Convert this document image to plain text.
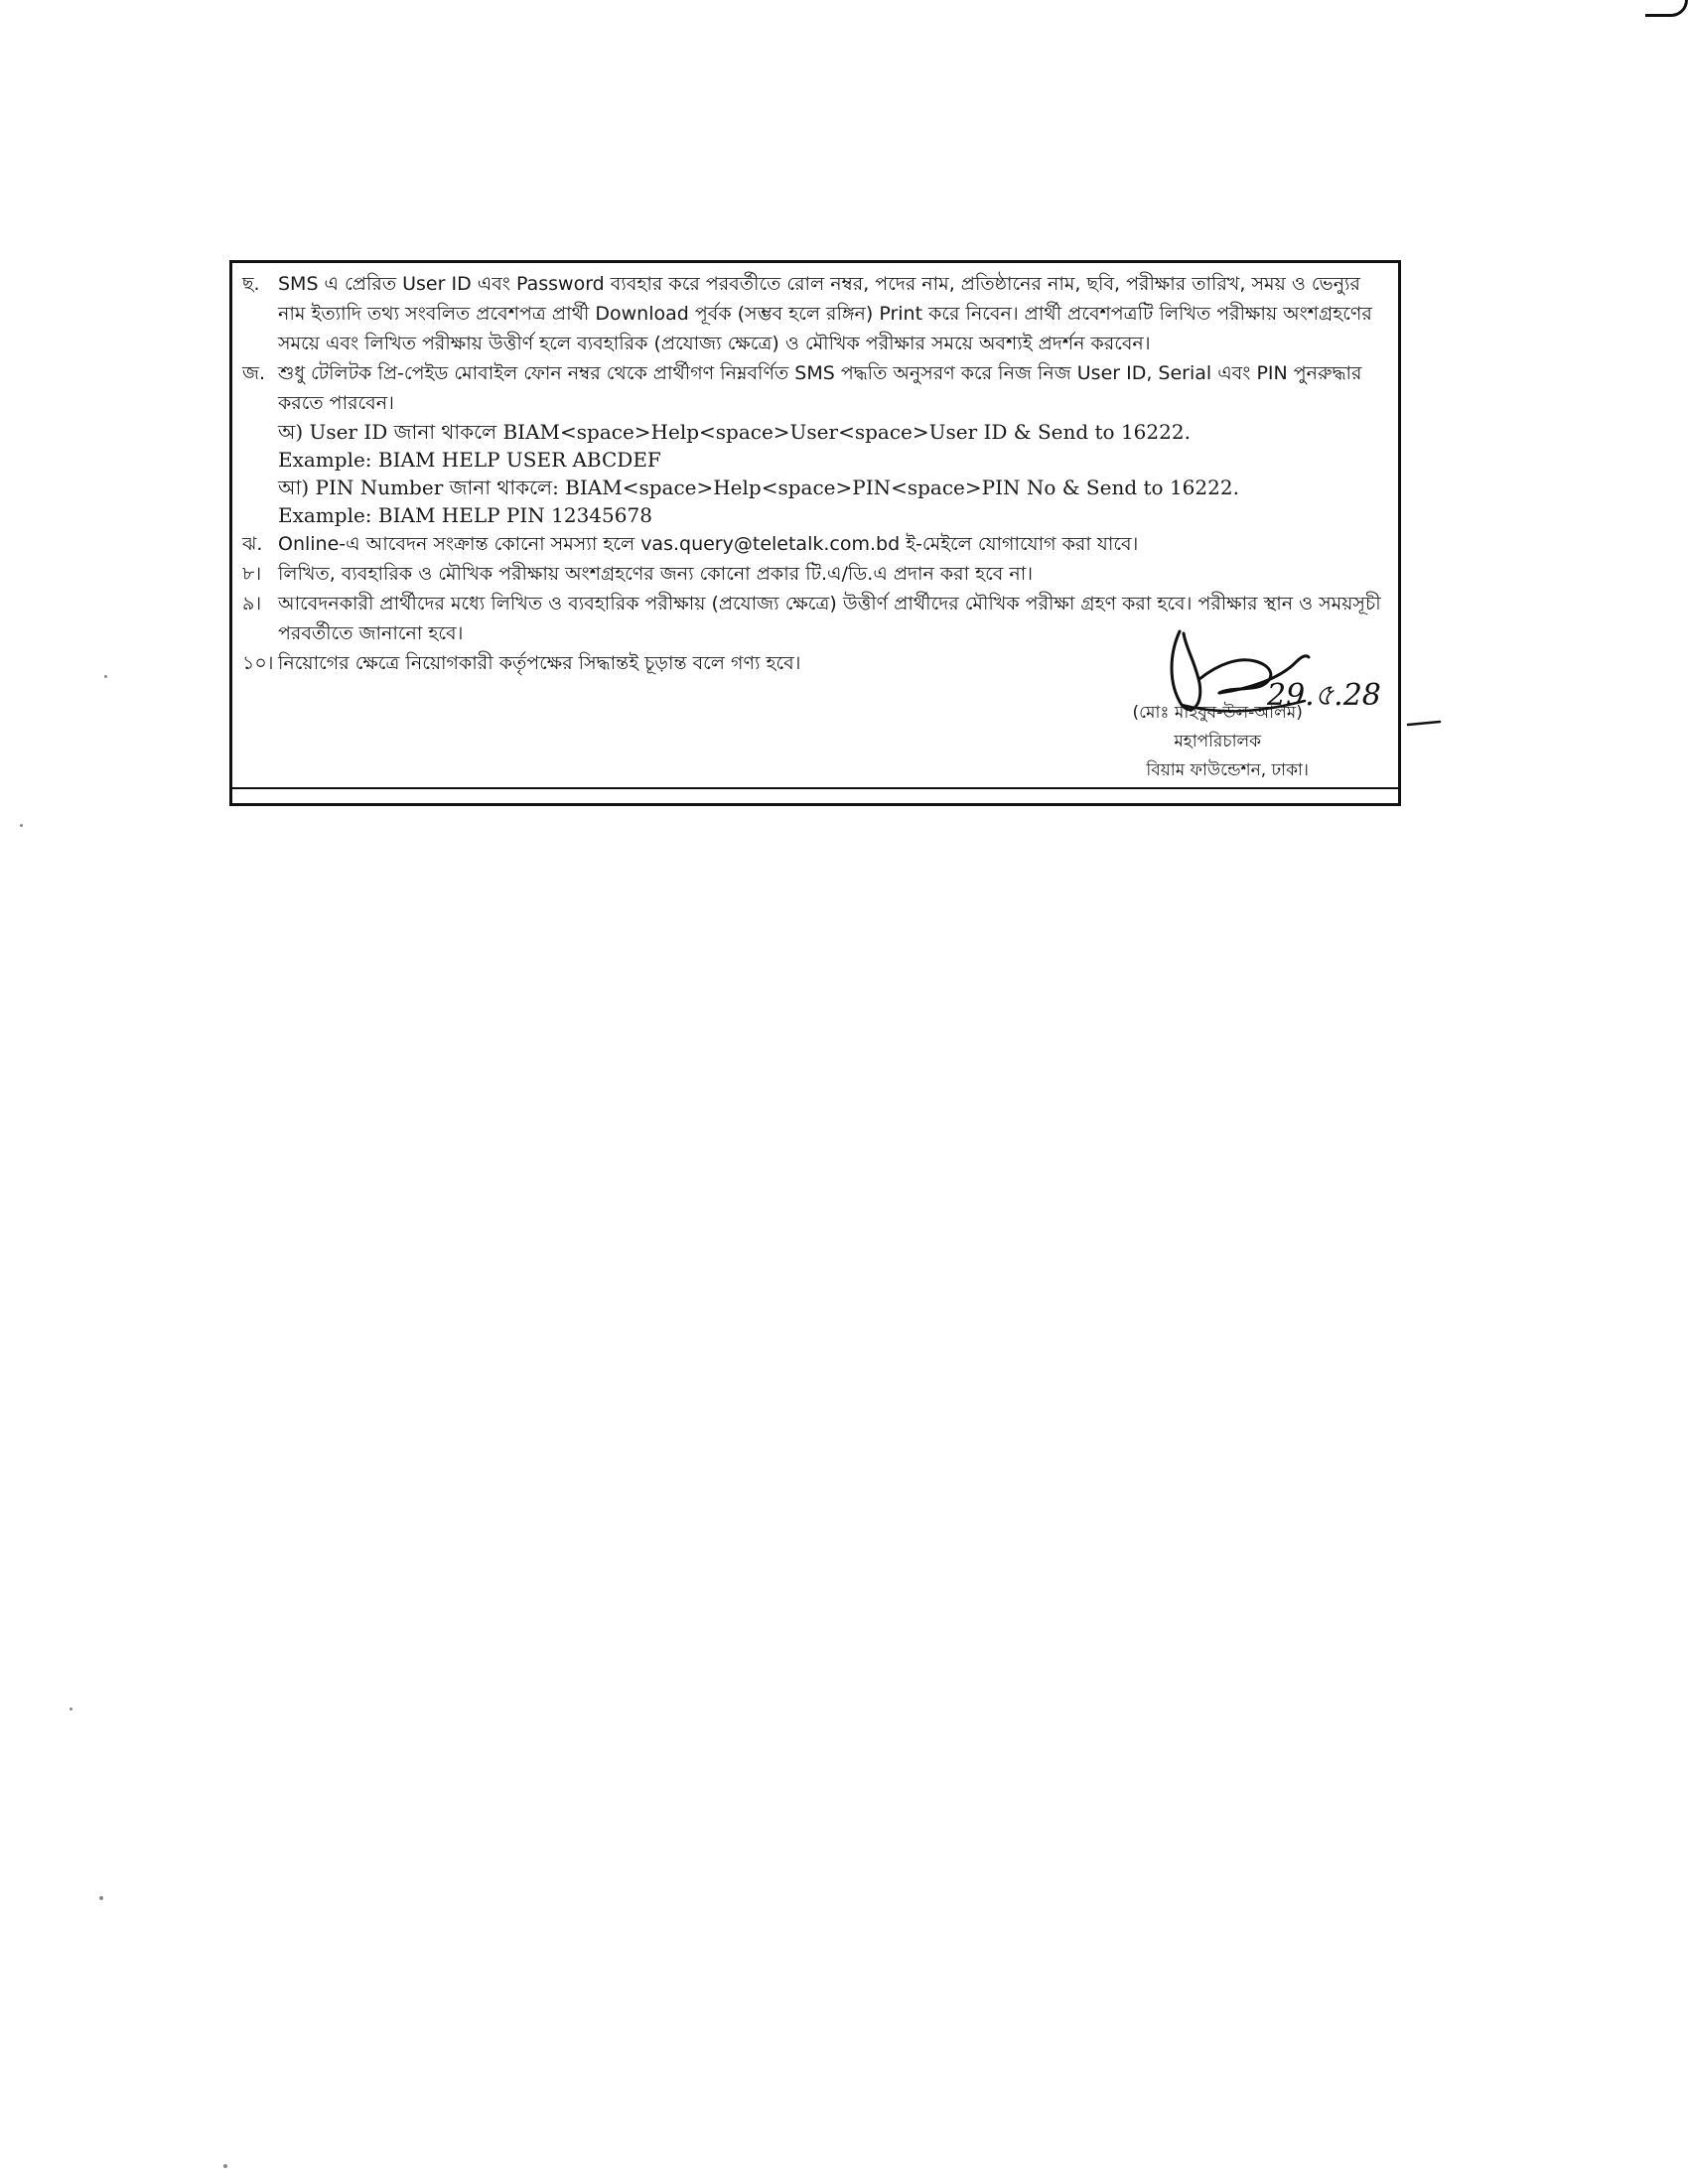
ছ. SMS এ প্রেরিত User ID এবং Password ব্যবহার করে পরবর্তীতে রোল নম্বর, পদের নাম, প্রতিষ্ঠানের নাম, ছবি, পরীক্ষার তারিখ, সময় ও ভেন্যুর নাম ইত্যাদি তথ্য সংবলিত প্রবেশপত্র প্রার্থী Download পূর্বক (সম্ভব হলে রঙ্গিন) Print করে নিবেন। প্রার্থী প্রবেশপত্রটি লিখিত পরীক্ষায় অংশগ্রহণের সময়ে এবং লিখিত পরীক্ষায় উত্তীর্ণ হলে ব্যবহারিক (প্রযোজ্য ক্ষেত্রে) ও মৌখিক পরীক্ষার সময়ে অবশ্যই প্রদর্শন করবেন।

জ. শুধু টেলিটক প্রি-পেইড মোবাইল ফোন নম্বর থেকে প্রার্থীগণ নিম্নবর্ণিত SMS পদ্ধতি অনুসরণ করে নিজ নিজ User ID, Serial এবং PIN পুনরুদ্ধার করতে পারবেন।

অ) User ID জানা থাকলে BIAM<space>Help<space>User<space>User ID & Send to 16222.
Example: BIAM HELP USER ABCDEF
আ) PIN Number জানা থাকলে: BIAM<space>Help<space>PIN<space>PIN No & Send to 16222.
Example: BIAM HELP PIN 12345678

ঝ. Online-এ আবেদন সংক্রান্ত কোনো সমস্যা হলে vas.query@teletalk.com.bd ই-মেইলে যোগাযোগ করা যাবে।

৮। লিখিত, ব্যবহারিক ও মৌখিক পরীক্ষায় অংশগ্রহণের জন্য কোনো প্রকার টি.এ/ডি.এ প্রদান করা হবে না।

৯। আবেদনকারী প্রার্থীদের মধ্যে লিখিত ও ব্যবহারিক পরীক্ষায় (প্রযোজ্য ক্ষেত্রে) উত্তীর্ণ প্রার্থীদের মৌখিক পরীক্ষা গ্রহণ করা হবে। পরীক্ষার স্থান ও সময়সূচী পরবর্তীতে জানানো হবে।

১০। নিয়োগের ক্ষেত্রে নিয়োগকারী কর্তৃপক্ষের সিদ্ধান্তই চূড়ান্ত বলে গণ্য হবে।

(মোঃ মাহবুব-উল-আলম)
মহাপরিচালক
বিয়াম ফাউন্ডেশন, ঢাকা।
29.৫.28
